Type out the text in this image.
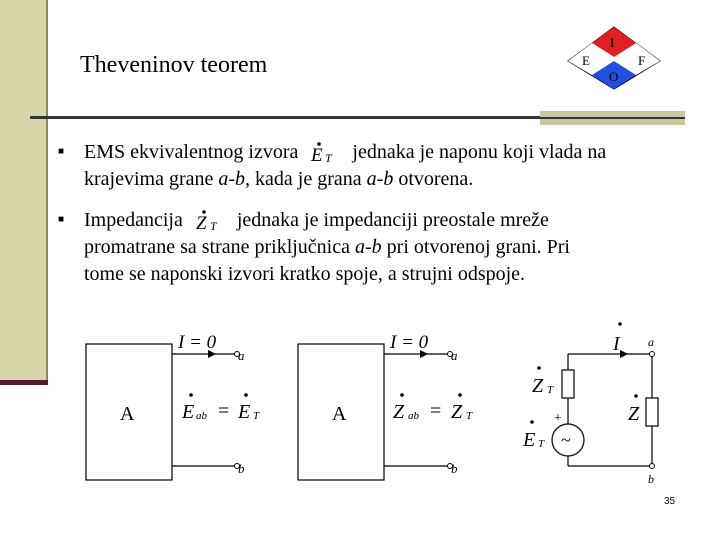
Theveninov teorem
I
E	F
O
■ EMS ekvivalentnog izvora E T jednaka je naponu koji vlada na
krajevima grane a-b, kada je grana a-b otvorena.
■ Impedancija Z T jednaka je impedanciji preostale mreže
promatrane sa strane priključnica a-b pri otvorenoj grani. Pri
tome se naponski izvori kratko spoje, a strujni odspoje.
A
I = 0
a
b
E ab = E T	A
I = 0
a
b
Z ab = Z T
a
I
~
+
b
Z T
E T
Z
35
